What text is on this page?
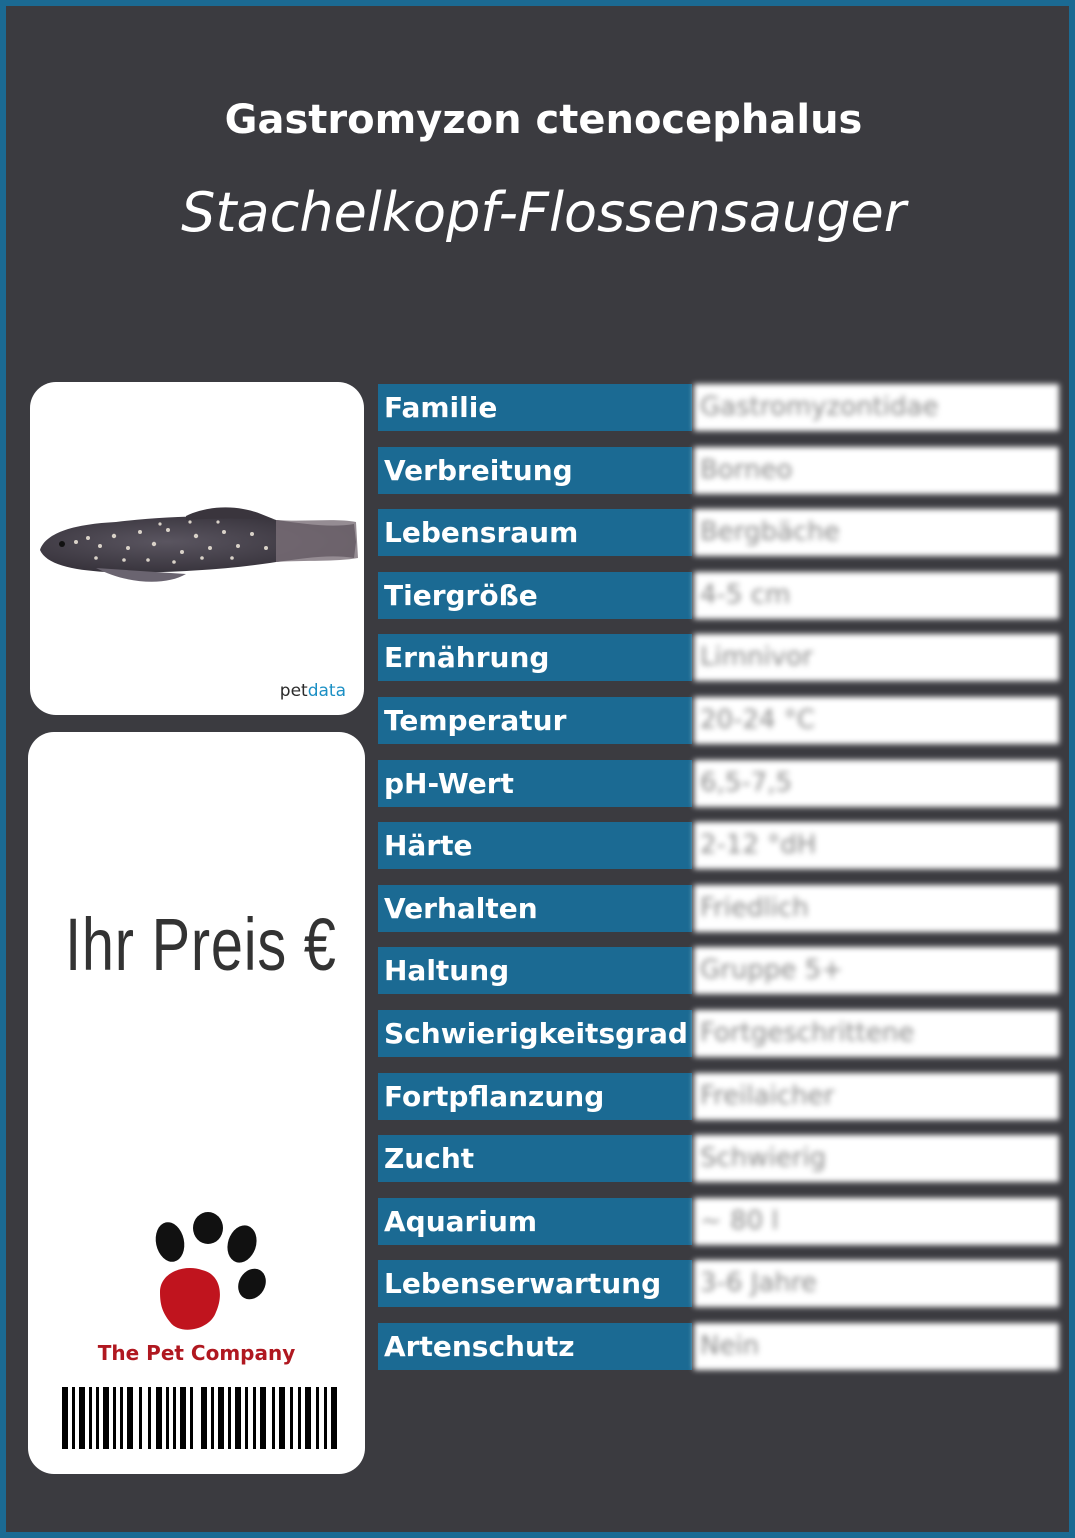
Gastromyzon ctenocephalus
Stachelkopf-Flossensauger
petdata
Ihr Preis €
The Pet Company
Familie	Gastromyzontidae
Verbreitung	Borneo
Lebensraum	Bergbäche
Tiergröße	4-5 cm
Ernährung	Limnivor
Temperatur	20-24 °C
pH-Wert	6,5-7,5
Härte	2-12 °dH
Verhalten	Friedlich
Haltung	Gruppe 5+
Schwierigkeitsgrad Fortgeschrittene
Fortpflanzung	Freilaicher
Zucht	Schwierig
Aquarium	~ 80 l
Lebenserwartung	3-6 Jahre
Artenschutz	Nein
